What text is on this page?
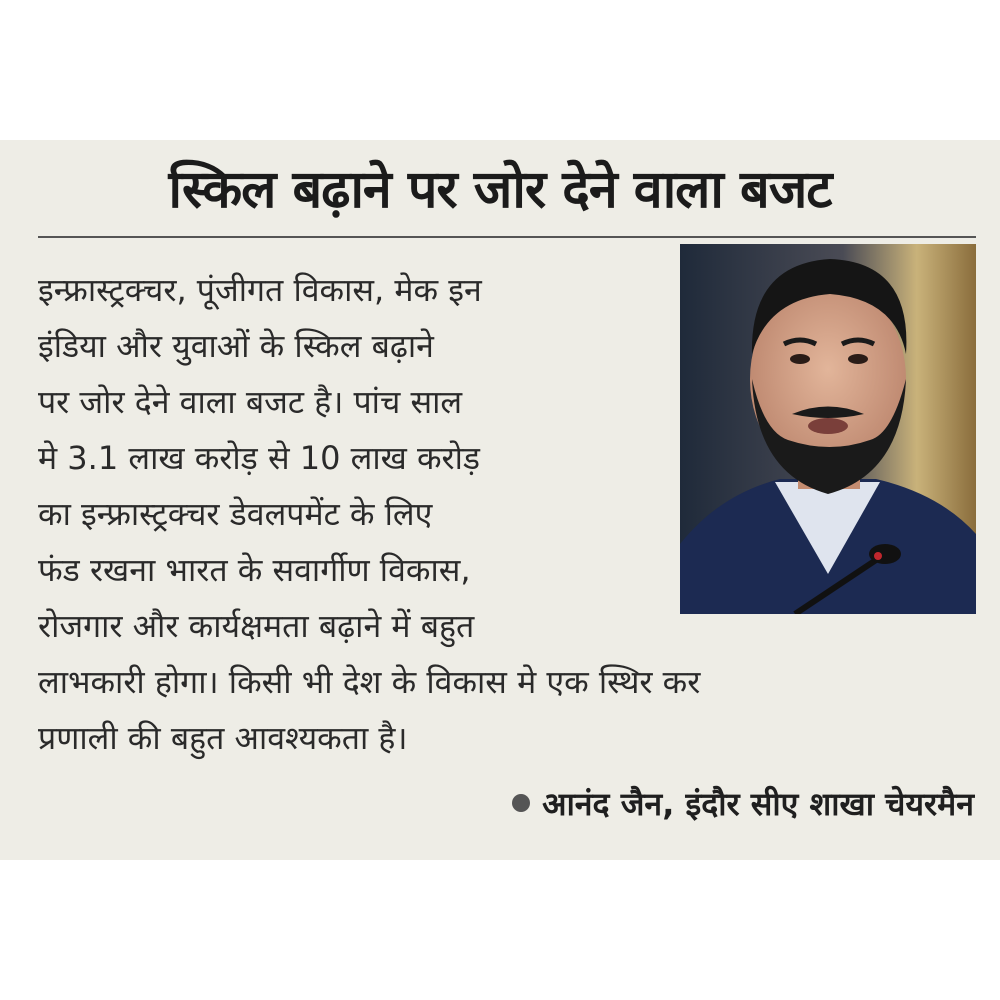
स्किल बढ़ाने पर जोर देने वाला बजट
इन्फ्रास्ट्रक्चर, पूंजीगत विकास, मेक इन
इंडिया और युवाओं के स्किल बढ़ाने
पर जोर देने वाला बजट है। पांच साल
मे 3.1 लाख करोड़ से 10 लाख करोड़
का इन्फ्रास्ट्रक्चर डेवलपमेंट के लिए
फंड रखना भारत के सवार्गीण विकास,
रोजगार और कार्यक्षमता बढ़ाने में बहुत
लाभकारी होगा। किसी भी देश के विकास मे एक स्थिर कर
प्रणाली की बहुत आवश्यकता है।
आनंद जैन, इंदौर सीए शाखा चेयरमैन
